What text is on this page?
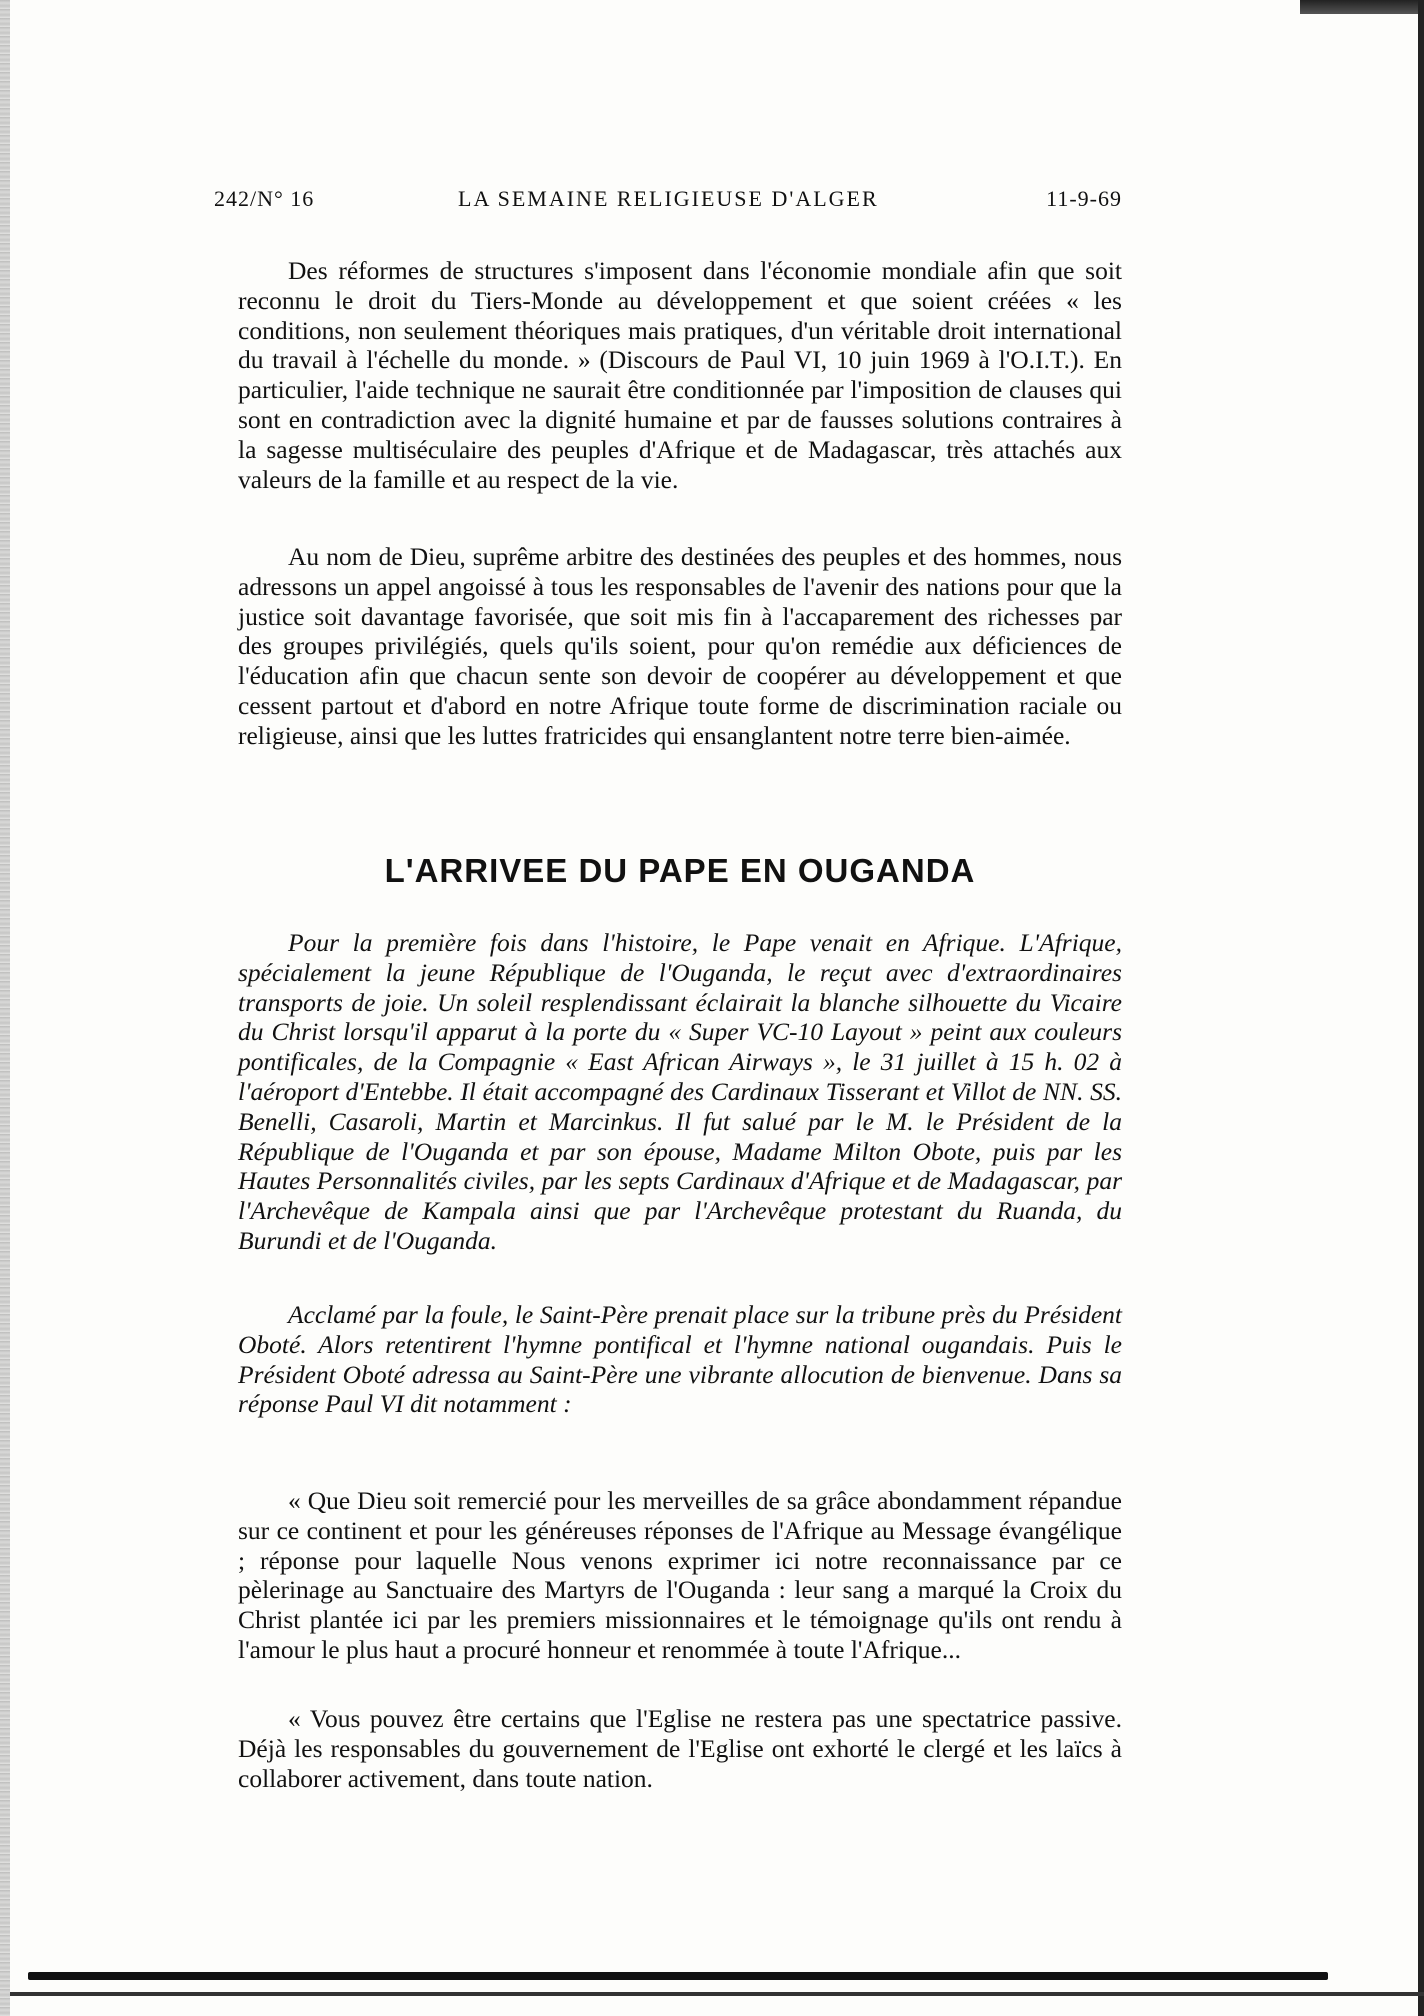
242/N° 16	LA SEMAINE RELIGIEUSE D'ALGER	11-9-69

Des réformes de structures s'imposent dans l'économie mondiale afin que soit reconnu le droit du Tiers-Monde au développement et que soient créées « les conditions, non seulement théoriques mais pratiques, d'un véritable droit international du travail à l'échelle du monde. » (Discours de Paul VI, 10 juin 1969 à l'O.I.T.). En particulier, l'aide technique ne saurait être conditionnée par l'imposition de clauses qui sont en contradiction avec la dignité humaine et par de fausses solutions contraires à la sagesse multiséculaire des peuples d'Afrique et de Madagascar, très attachés aux valeurs de la famille et au respect de la vie.

Au nom de Dieu, suprême arbitre des destinées des peuples et des hommes, nous adressons un appel angoissé à tous les responsables de l'avenir des nations pour que la justice soit davantage favorisée, que soit mis fin à l'accaparement des richesses par des groupes privilégiés, quels qu'ils soient, pour qu'on remédie aux déficiences de l'éducation afin que chacun sente son devoir de coopérer au développement et que cessent partout et d'abord en notre Afrique toute forme de discrimination raciale ou religieuse, ainsi que les luttes fratricides qui ensanglantent notre terre bien-aimée.

L'ARRIVEE DU PAPE EN OUGANDA

Pour la première fois dans l'histoire, le Pape venait en Afrique. L'Afrique, spécialement la jeune République de l'Ouganda, le reçut avec d'extraordinaires transports de joie. Un soleil resplendissant éclairait la blanche silhouette du Vicaire du Christ lorsqu'il apparut à la porte du « Super VC-10 Layout » peint aux couleurs pontificales, de la Compagnie « East African Airways », le 31 juillet à 15 h. 02 à l'aéroport d'Entebbe. Il était accompagné des Cardinaux Tisserant et Villot de NN. SS. Benelli, Casaroli, Martin et Marcinkus. Il fut salué par le M. le Président de la République de l'Ouganda et par son épouse, Madame Milton Obote, puis par les Hautes Personnalités civiles, par les septs Cardinaux d'Afrique et de Madagascar, par l'Archevêque de Kampala ainsi que par l'Archevêque protestant du Ruanda, du Burundi et de l'Ouganda.

Acclamé par la foule, le Saint-Père prenait place sur la tribune près du Président Oboté. Alors retentirent l'hymne pontifical et l'hymne national ougandais. Puis le Président Oboté adressa au Saint-Père une vibrante allocution de bienvenue. Dans sa réponse Paul VI dit notamment :

« Que Dieu soit remercié pour les merveilles de sa grâce abondamment répandue sur ce continent et pour les généreuses réponses de l'Afrique au Message évangélique ; réponse pour laquelle Nous venons exprimer ici notre reconnaissance par ce pèlerinage au Sanctuaire des Martyrs de l'Ouganda : leur sang a marqué la Croix du Christ plantée ici par les premiers missionnaires et le témoignage qu'ils ont rendu à l'amour le plus haut a procuré honneur et renommée à toute l'Afrique...

« Vous pouvez être certains que l'Eglise ne restera pas une spectatrice passive. Déjà les responsables du gouvernement de l'Eglise ont exhorté le clergé et les laïcs à collaborer activement, dans toute nation.
